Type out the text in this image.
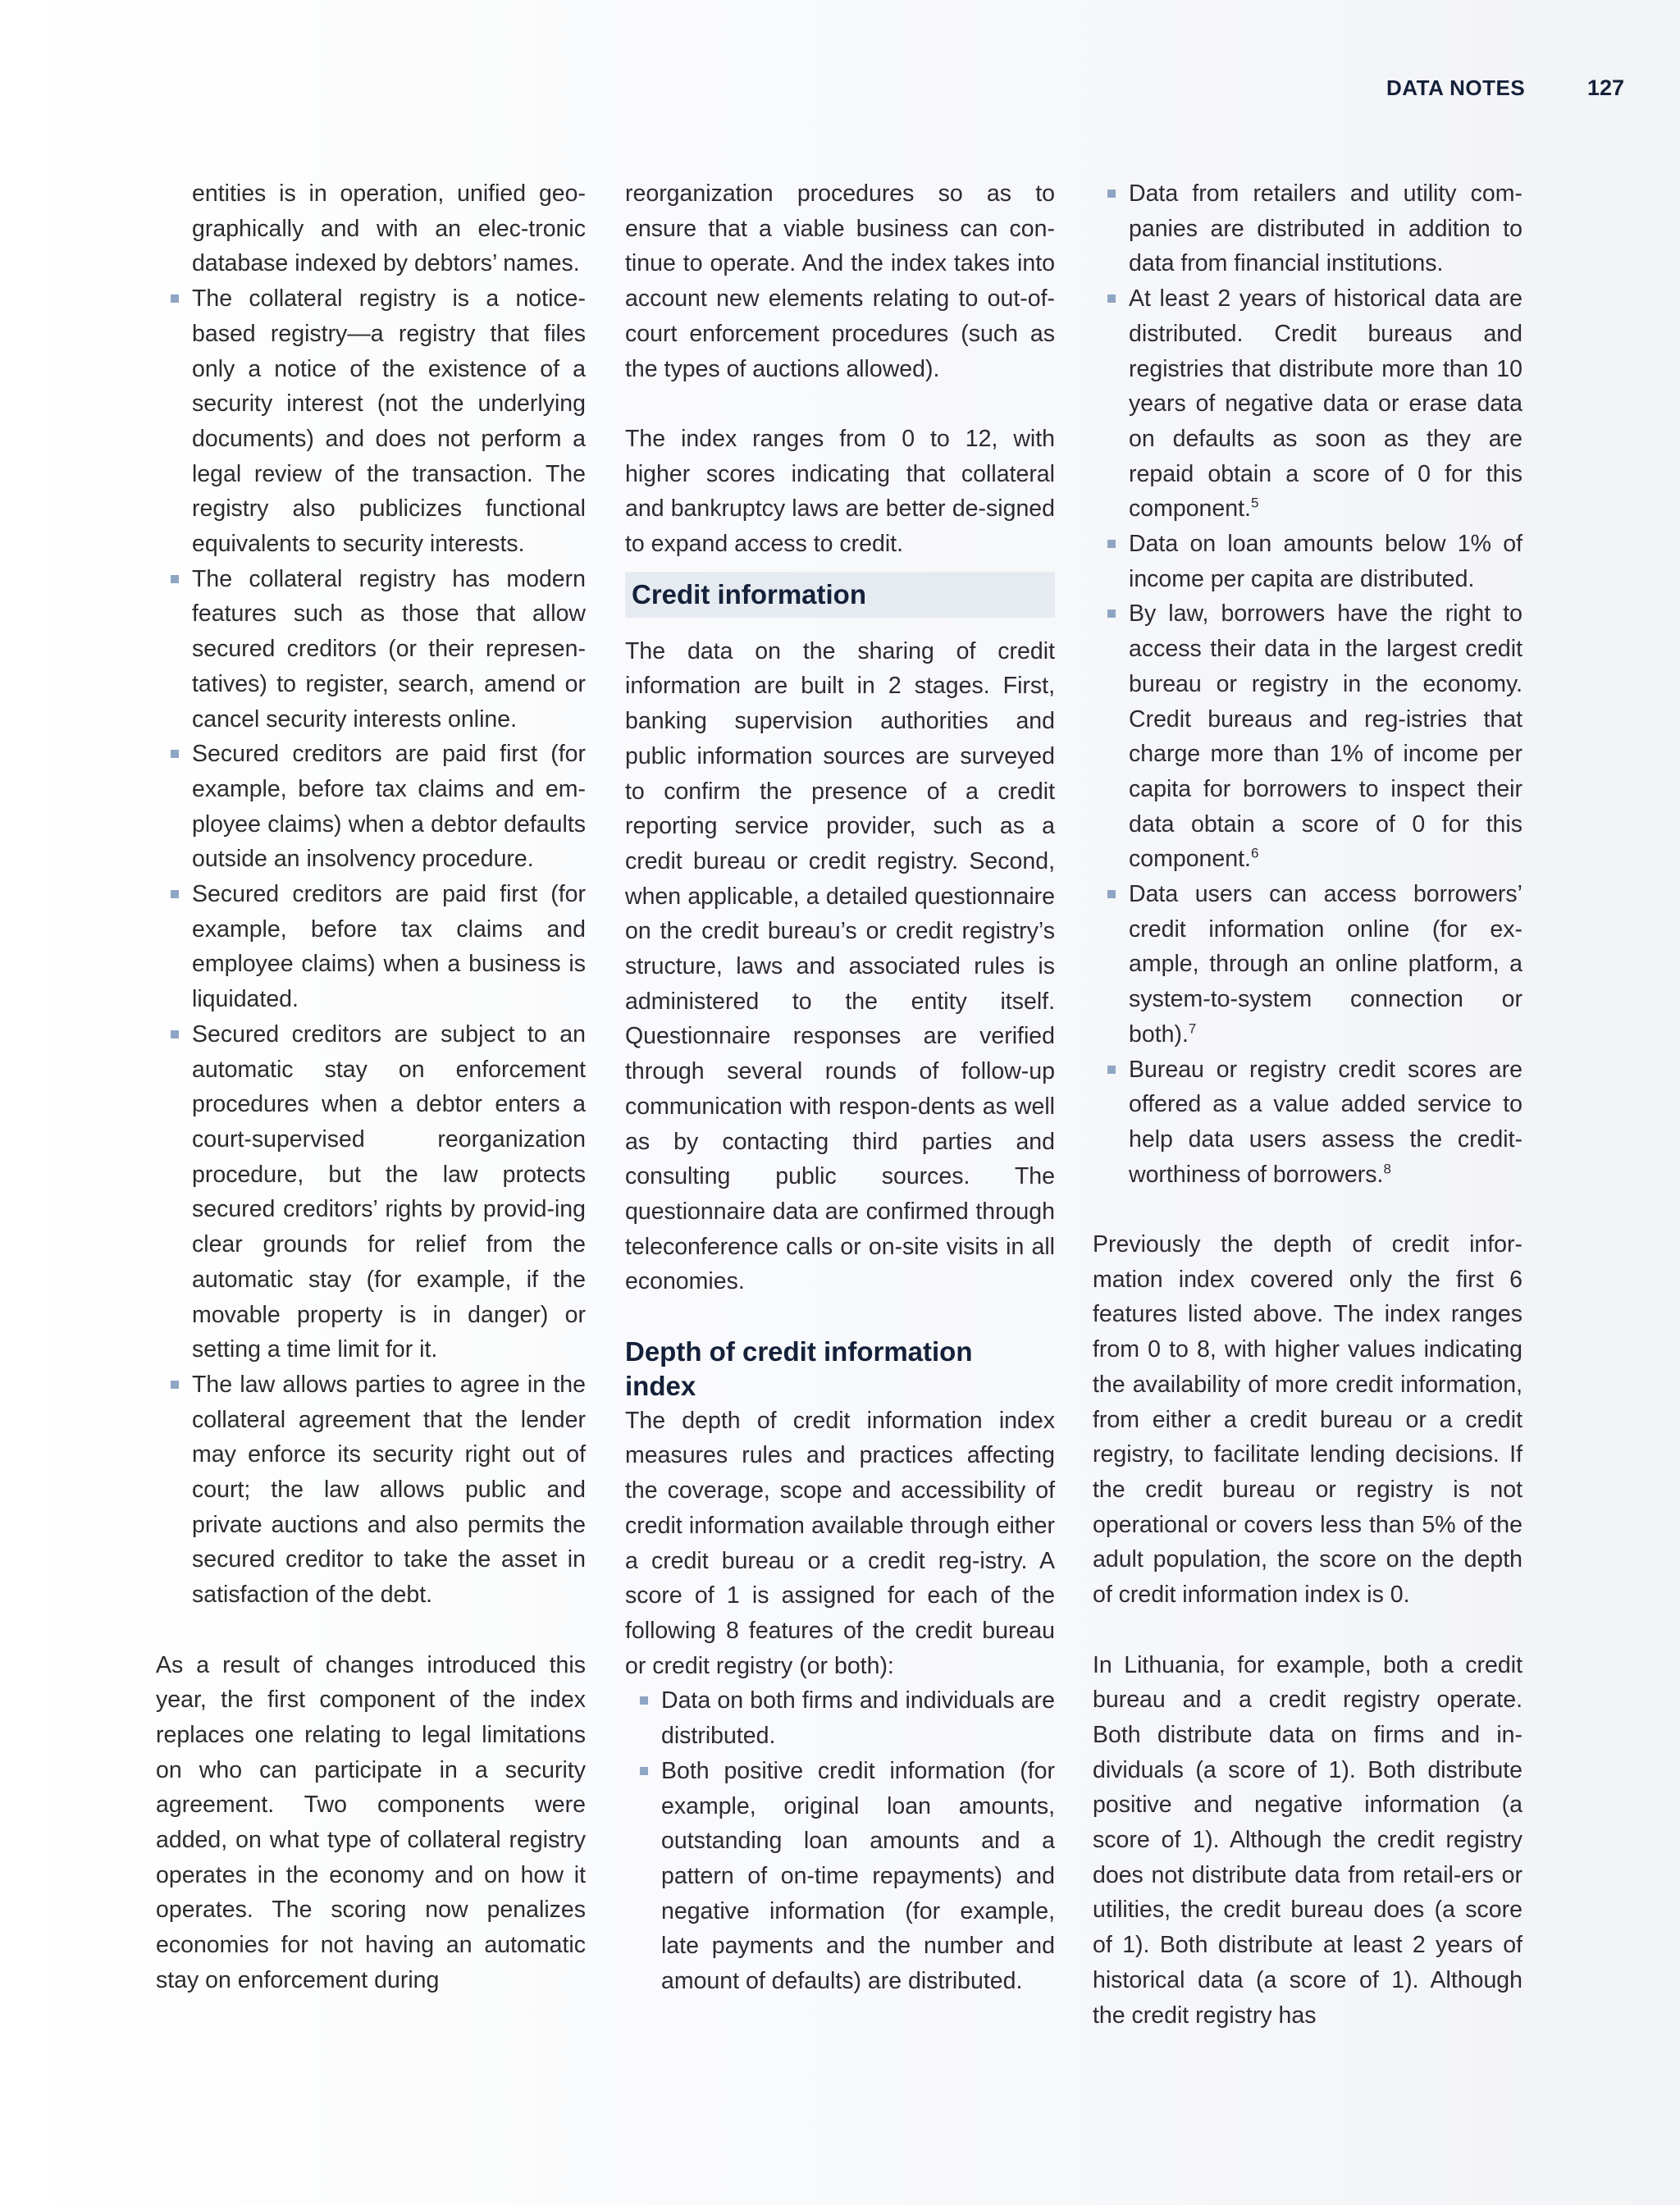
DATA NOTES	127

entities is in operation, unified geo-graphically and with an elec-tronic database indexed by debtors’ names.

The collateral registry is a notice-based registry—a registry that files only a notice of the existence of a security interest (not the underlying documents) and does not perform a legal review of the transaction. The registry also publicizes functional equivalents to security interests.
The collateral registry has modern features such as those that allow secured creditors (or their represen-tatives) to register, search, amend or cancel security interests online.
Secured creditors are paid first (for example, before tax claims and em-ployee claims) when a debtor defaults outside an insolvency procedure.
Secured creditors are paid first (for example, before tax claims and employee claims) when a business is liquidated.
Secured creditors are subject to an automatic stay on enforcement procedures when a debtor enters a court-supervised reorganization procedure, but the law protects secured creditors’ rights by provid-ing clear grounds for relief from the automatic stay (for example, if the movable property is in danger) or setting a time limit for it.
The law allows parties to agree in the collateral agreement that the lender may enforce its security right out of court; the law allows public and private auctions and also permits the secured creditor to take the asset in satisfaction of the debt.

As a result of changes introduced this year, the first component of the index replaces one relating to legal limitations on who can participate in a security agreement. Two components were added, on what type of collateral registry operates in the economy and on how it operates. The scoring now penalizes economies for not having an automatic stay on enforcement during

reorganization procedures so as to ensure that a viable business can con-tinue to operate. And the index takes into account new elements relating to out-of-court enforcement procedures (such as the types of auctions allowed).

The index ranges from 0 to 12, with higher scores indicating that collateral and bankruptcy laws are better de-signed to expand access to credit.

Credit information

The data on the sharing of credit information are built in 2 stages. First, banking supervision authorities and public information sources are surveyed to confirm the presence of a credit reporting service provider, such as a credit bureau or credit registry. Second, when applicable, a detailed questionnaire on the credit bureau’s or credit registry’s structure, laws and associated rules is administered to the entity itself. Questionnaire responses are verified through several rounds of follow-up communication with respon-dents as well as by contacting third parties and consulting public sources. The questionnaire data are confirmed through teleconference calls or on-site visits in all economies.

Depth of credit information
index

The depth of credit information index measures rules and practices affecting the coverage, scope and accessibility of credit information available through either a credit bureau or a credit reg-istry. A score of 1 is assigned for each of the following 8 features of the credit bureau or credit registry (or both):

Data on both firms and individuals are distributed.
Both positive credit information (for example, original loan amounts, outstanding loan amounts and a pattern of on-time repayments) and negative information (for example, late payments and the number and amount of defaults) are distributed.
Data from retailers and utility com-panies are distributed in addition to data from financial institutions.
At least 2 years of historical data are distributed. Credit bureaus and registries that distribute more than 10 years of negative data or erase data on defaults as soon as they are repaid obtain a score of 0 for this component.$^5$
Data on loan amounts below 1% of income per capita are distributed.
By law, borrowers have the right to access their data in the largest credit bureau or registry in the economy. Credit bureaus and reg-istries that charge more than 1% of income per capita for borrowers to inspect their data obtain a score of 0 for this component.$^6$
Data users can access borrowers’ credit information online (for ex-ample, through an online platform, a system-to-system connection or both).$^7$
Bureau or registry credit scores are offered as a value added service to help data users assess the credit-worthiness of borrowers.$^8$

Previously the depth of credit infor-mation index covered only the first 6 features listed above. The index ranges from 0 to 8, with higher values indicating the availability of more credit information, from either a credit bureau or a credit registry, to facilitate lending decisions. If the credit bureau or registry is not operational or covers less than 5% of the adult population, the score on the depth of credit information index is 0.

In Lithuania, for example, both a credit bureau and a credit registry operate. Both distribute data on firms and in-dividuals (a score of 1). Both distribute positive and negative information (a score of 1). Although the credit registry does not distribute data from retail-ers or utilities, the credit bureau does (a score of 1). Both distribute at least 2 years of historical data (a score of 1). Although the credit registry has
